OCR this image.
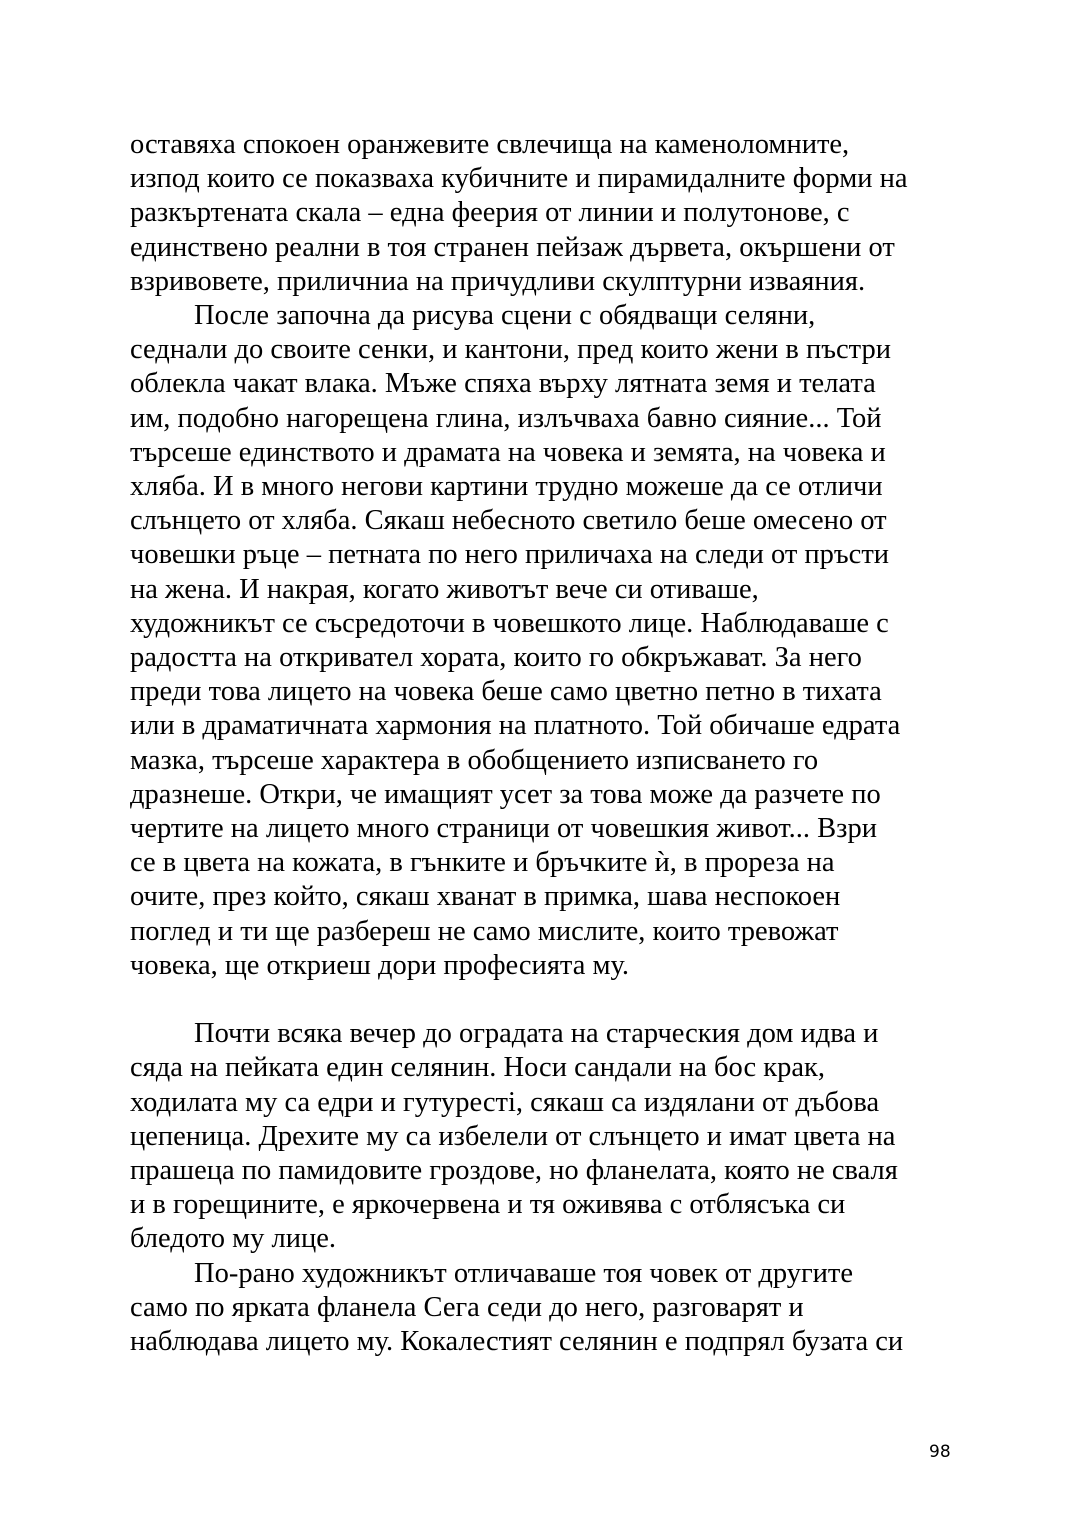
оставяха спокоен оранжевите свлечища на каменоломните,
изпод които се показваха кубичните и пирамидалните форми на
разкъртената скала – една феерия от линии и полутонове, с
единствено реални в тоя странен пейзаж дървета, окършени от
взривовете, приличниa на причудливи скулптурни изваяния.
После започна да рисува сцени с обядващи селяни,
седнали до своите сенки, и кантони, пред които жени в пъстри
облекла чакат влака. Мъже спяха върху лятната земя и телата
им, подобно нагорещена глина, излъчваха бавно сияние... Той
търсеше единството и драмата на човека и земята, на човека и
хляба. И в много негови картини трудно можеше да се отличи
слънцето от хляба. Сякаш небесното светило беше омесено от
човешки ръце – петната по него приличаха на следи от пръсти
на жена. И накрая, когато животът вече си отиваше,
художникът се съсредоточи в човешкото лице. Наблюдаваше с
радостта на откривател хората, които го обкръжават. За него
преди това лицето на човека беше само цветно петно в тихата
или в драматичната хармония на платното. Той обичаше едрата
мазка, търсеше характера в обобщението изписването го
дразнеше. Откри, че имащият усет за това може да разчете по
чертите на лицето много страници от човешкия живот... Взри
се в цвета на кожата, в гънките и бръчките ѝ, в прореза на
очите, през който, сякаш хванат в примка, шава неспокоен
поглед и ти ще разбереш не само мислите, които тревожат
човека, ще откриеш дори професията му.
Почти всяка вечер до оградата на старческия дом идва и
сяда на пейката един селянин. Носи сандали на бос крак,
ходилата му са едри и гутуресті, сякаш са издялани от дъбова
цепеница. Дрехите му са избелели от слънцето и имат цвета на
прашеца по памидовите гроздове, но фланелата, която не сваля
и в горещините, е яркочервена и тя оживява с отблясъка си
бледото му лице.
По-рано художникът отличаваше тоя човек от другите
само по ярката фланела Сега седи до него, разговарят и
наблюдава лицето му. Кокалестият селянин е подпрял бузата си
98
